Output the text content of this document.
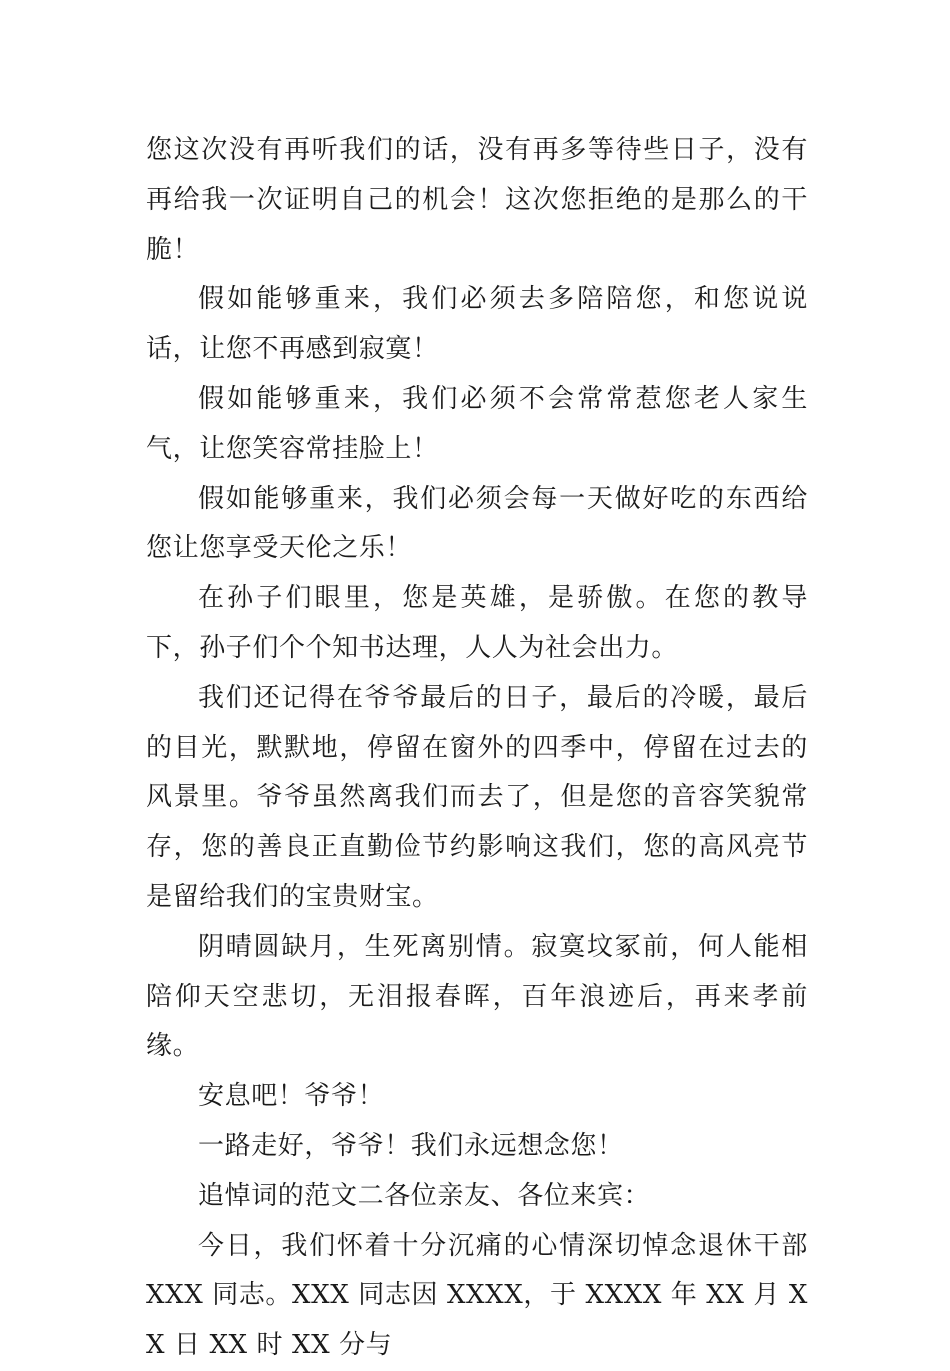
您这次没有再听我们的话，没有再多等待些日子，没有再给我一次证明自己的机会！这次您拒绝的是那么的干脆！

假如能够重来，我们必须去多陪陪您，和您说说话，让您不再感到寂寞！

假如能够重来，我们必须不会常常惹您老人家生气，让您笑容常挂脸上！

假如能够重来，我们必须会每一天做好吃的东西给您让您享受天伦之乐！

在孙子们眼里，您是英雄，是骄傲。在您的教导下，孙子们个个知书达理，人人为社会出力。

我们还记得在爷爷最后的日子，最后的冷暖，最后的目光，默默地，停留在窗外的四季中，停留在过去的风景里。爷爷虽然离我们而去了，但是您的音容笑貌常存，您的善良正直勤俭节约影响这我们，您的高风亮节是留给我们的宝贵财宝。

阴晴圆缺月，生死离别情。寂寞坟冢前，何人能相陪仰天空悲切，无泪报春晖，百年浪迹后，再来孝前缘。

安息吧！爷爷！

一路走好，爷爷！我们永远想念您！

追悼词的范文二各位亲友、各位来宾：

今日，我们怀着十分沉痛的心情深切悼念退休干部 XXX 同志。XXX 同志因 XXXX，于 XXXX 年 XX 月 XX 日 XX 时 XX 分与
